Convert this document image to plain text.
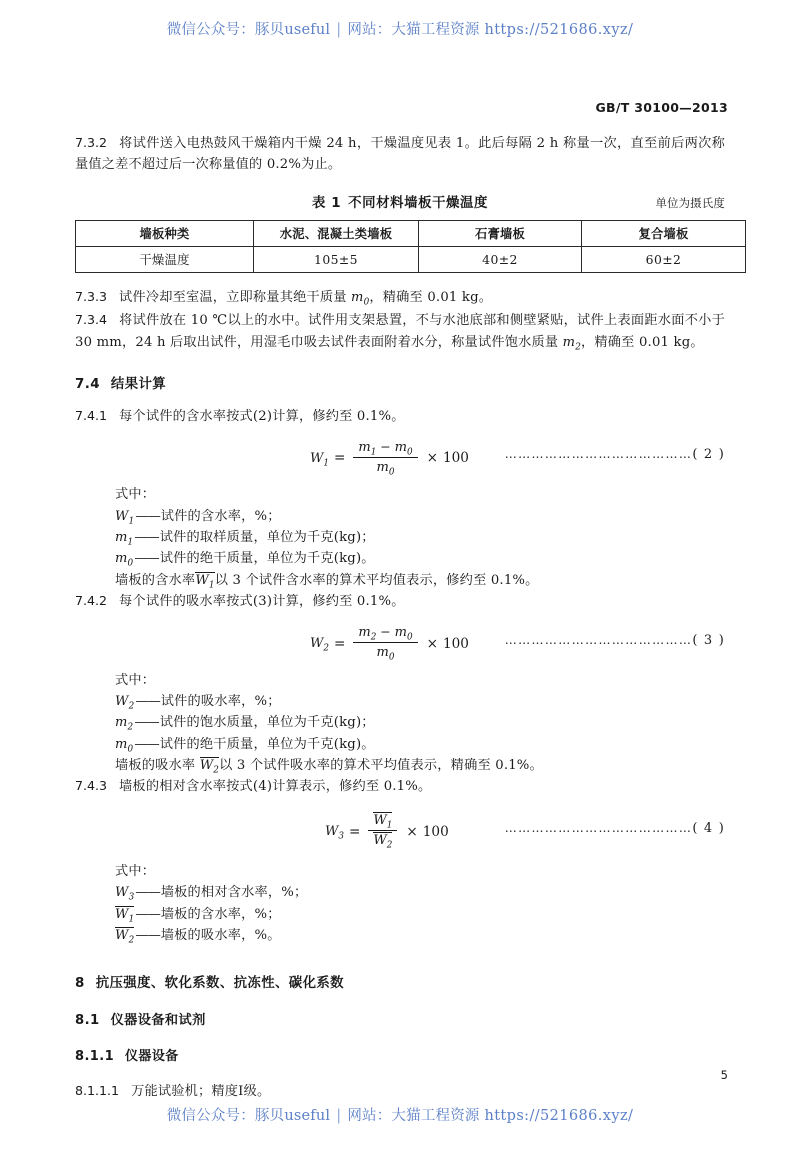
微信公众号：豚贝useful | 网站：大猫工程资源 https://521686.xyz/
GB/T 30100—2013

7.3.2 将试件送入电热鼓风干燥箱内干燥 24 h，干燥温度见表 1。此后每隔 2 h 称量一次，直至前后两次称量值之差不超过后一次称量值的 0.2%为止。

表 1 不同材料墙板干燥温度	单位为摄氏度
墙板种类	水泥、混凝土类墙板	石膏墙板	复合墙板
干燥温度	105±5	40±2	60±2

7.3.3 试件冷却至室温，立即称量其绝干质量 $m_0$，精确至 0.01 kg。

7.3.4 将试件放在 10 ℃以上的水中。试件用支架悬置，不与水池底部和侧壁紧贴，试件上表面距水面不小于 30 mm，24 h 后取出试件，用湿毛巾吸去试件表面附着水分，称量试件饱水质量 $m_2$，精确至 0.01 kg。

7.4 结果计算

7.4.1 每个试件的含水率按式(2)计算，修约至 0.1%。

$W_1 = \frac{m_1 - m_0}{m_0} \times 100$	……………………………………( 2 )
式中：
$W_1——$试件的含水率，%；
$m_1——$试件的取样质量，单位为千克(kg)；
$m_0——$试件的绝干质量，单位为千克(kg)。
墙板的含水率$W_1$以 3 个试件含水率的算术平均值表示，修约至 0.1%。

7.4.2 每个试件的吸水率按式(3)计算，修约至 0.1%。

$W_2 = \frac{m_2 - m_0}{m_0} \times 100$	……………………………………( 3 )
式中：
$W_2——$试件的吸水率，%；
$m_2——$试件的饱水质量，单位为千克(kg)；
$m_0——$试件的绝干质量，单位为千克(kg)。
墙板的吸水率 $W_2$以 3 个试件吸水率的算术平均值表示，精确至 0.1%。

7.4.3 墙板的相对含水率按式(4)计算表示，修约至 0.1%。

$W_3 = \frac{W_1}{W_2} \times 100$	……………………………………( 4 )
式中：
$W_3——$墙板的相对含水率，%；
$W_1——$墙板的含水率，%；
$W_2——$墙板的吸水率，%。
8 抗压强度、软化系数、抗冻性、碳化系数
8.1 仪器设备和试剂
8.1.1 仪器设备

8.1.1.1 万能试验机；精度Ⅰ级。

5
微信公众号：豚贝useful | 网站：大猫工程资源 https://521686.xyz/
